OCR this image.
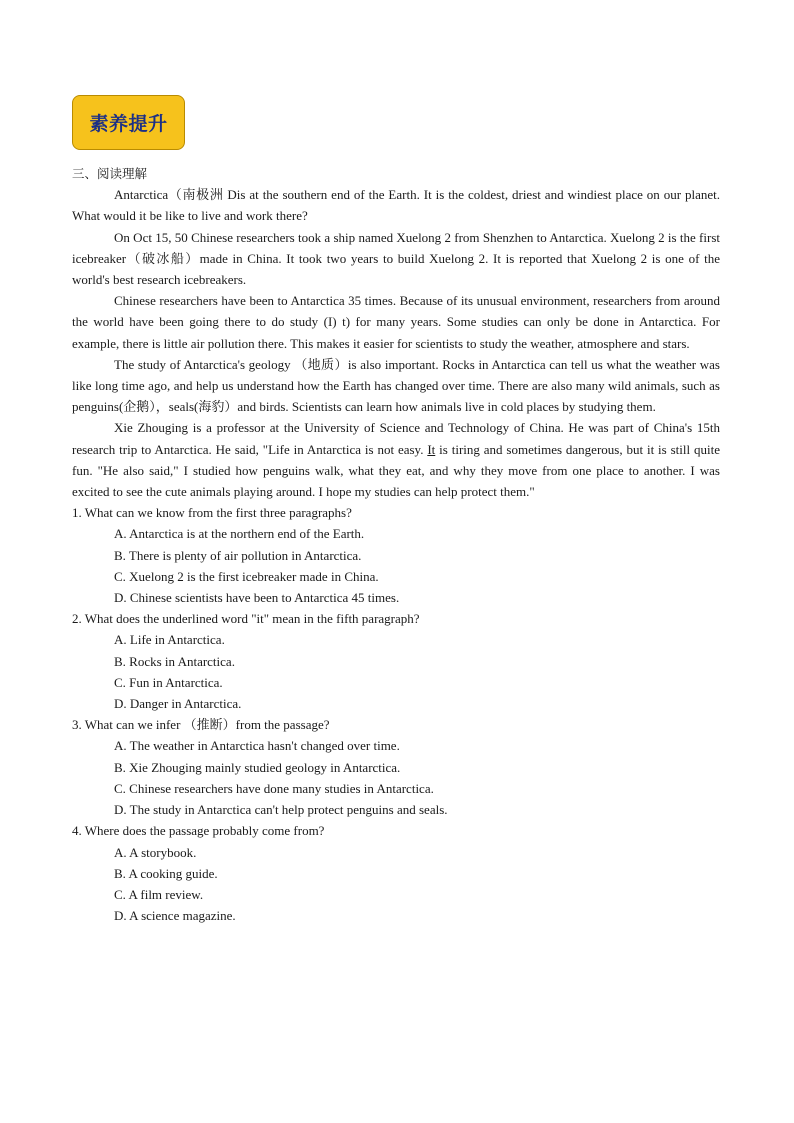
素养提升

三、阅读理解

Antarctica（南极洲 Dis at the southern end of the Earth. It is the coldest, driest and windiest place on our planet. What would it be like to live and work there?

On Oct 15, 50 Chinese researchers took a ship named Xuelong 2 from Shenzhen to Antarctica. Xuelong 2 is the first icebreaker（破冰船）made in China. It took two years to build Xuelong 2. It is reported that Xuelong 2 is one of the world's best research icebreakers.

Chinese researchers have been to Antarctica 35 times. Because of its unusual environment, researchers from around the world have been going there to do study (I) t) for many years. Some studies can only be done in Antarctica. For example, there is little air pollution there. This makes it easier for scientists to study the weather, atmosphere and stars.

The study of Antarctica's geology （地质）is also important. Rocks in Antarctica can tell us what the weather was like long time ago, and help us understand how the Earth has changed over time. There are also many wild animals, such as penguins(企鹅），seals(海豹）and birds. Scientists can learn how animals live in cold places by studying them.

Xie Zhouging is a professor at the University of Science and Technology of China. He was part of China's 15th research trip to Antarctica. He said, "Life in Antarctica is not easy. It is tiring and sometimes dangerous, but it is still quite fun. "He also said," I studied how penguins walk, what they eat, and why they move from one place to another. I was excited to see the cute animals playing around. I hope my studies can help protect them."

1. What can we know from the first three paragraphs?

A. Antarctica is at the northern end of the Earth.

B. There is plenty of air pollution in Antarctica.

C. Xuelong 2 is the first icebreaker made in China.

D. Chinese scientists have been to Antarctica 45 times.

2. What does the underlined word "it" mean in the fifth paragraph?

A. Life in Antarctica.

B. Rocks in Antarctica.

C. Fun in Antarctica.

D. Danger in Antarctica.

3. What can we infer （推断）from the passage?

A. The weather in Antarctica hasn't changed over time.

B. Xie Zhouging mainly studied geology in Antarctica.

C. Chinese researchers have done many studies in Antarctica.

D. The study in Antarctica can't help protect penguins and seals.

4. Where does the passage probably come from?

A. A storybook.

B. A cooking guide.

C. A film review.

D. A science magazine.
